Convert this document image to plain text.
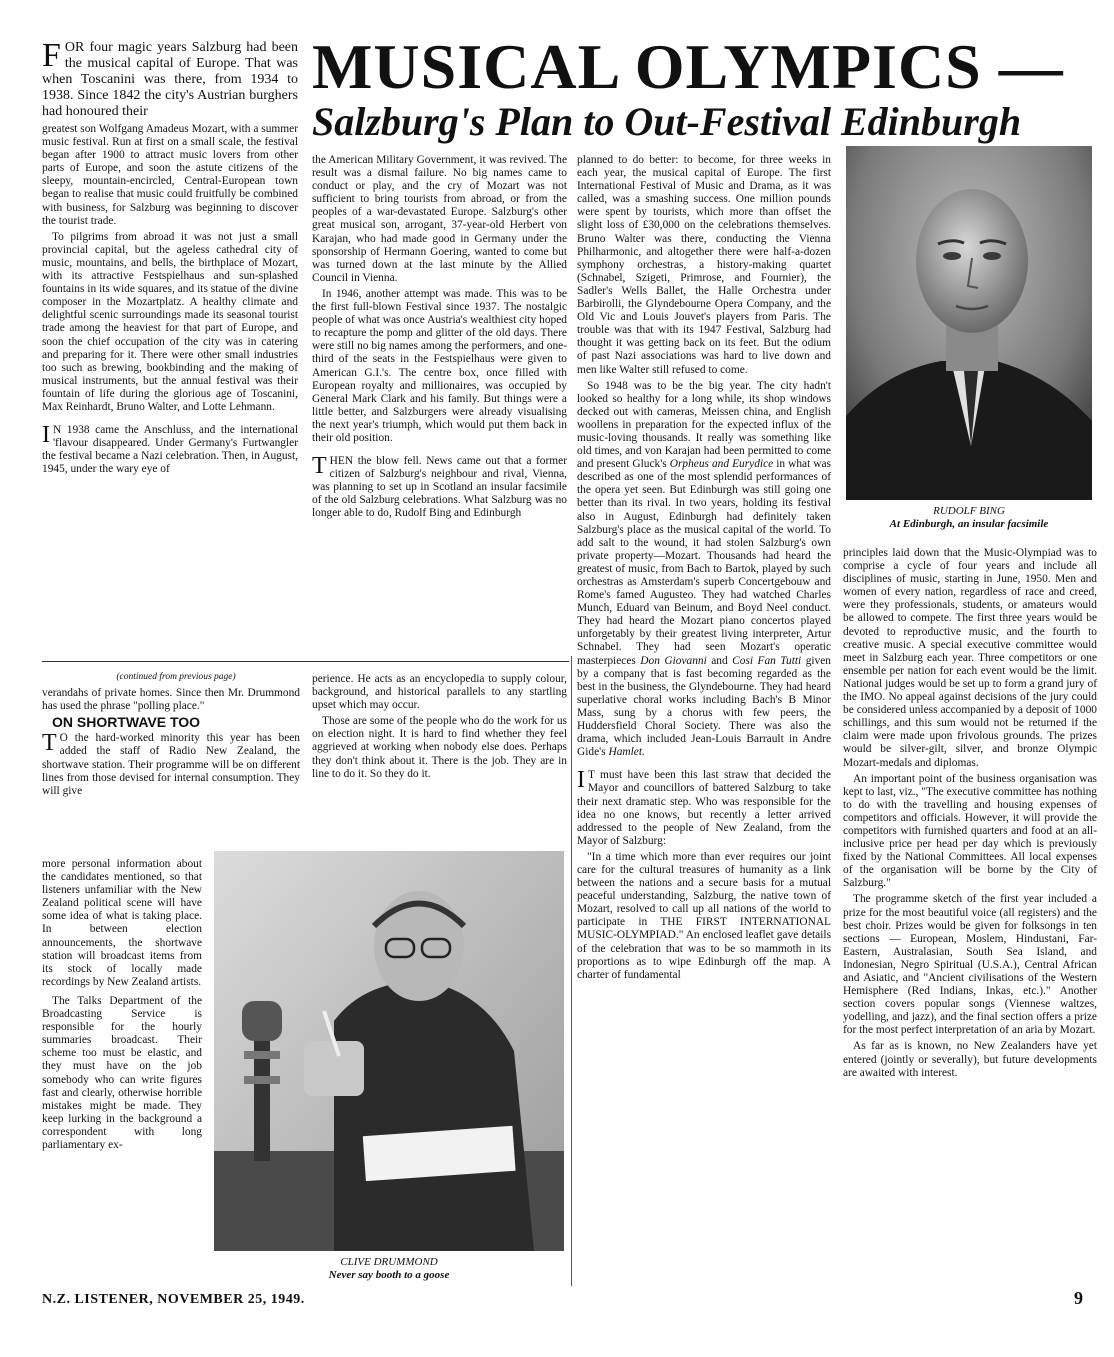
MUSICAL OLYMPICS —
Salzburg's Plan to Out-Festival Edinburgh

FOR four magic years Salzburg had been the musical capital of Europe. That was when Toscanini was there, from 1934 to 1938. Since 1842 the city's Austrian burghers had honoured their

greatest son Wolfgang Amadeus Mozart, with a summer music festival. Run at first on a small scale, the festival began after 1900 to attract music lovers from other parts of Europe, and soon the astute citizens of the sleepy, mountain-encircled, Central-European town began to realise that music could fruitfully be combined with business, for Salzburg was beginning to discover the tourist trade.

To pilgrims from abroad it was not just a small provincial capital, but the ageless cathedral city of music, mountains, and bells, the birthplace of Mozart, with its attractive Festspielhaus and sun-splashed fountains in its wide squares, and its statue of the divine composer in the Mozartplatz. A healthy climate and delightful scenic surroundings made its seasonal tourist trade among the heaviest for that part of Europe, and soon the chief occupation of the city was in catering and preparing for it. There were other small industries too such as brewing, bookbinding and the making of musical instruments, but the annual festival was their fountain of life during the glorious age of Toscanini, Max Reinhardt, Bruno Walter, and Lotte Lehmann.

I N 1938 came the Anschluss, and the international 'flavour disappeared. Under Germany's Furtwangler the festival became a Nazi celebration. Then, in August, 1945, under the wary eye of

the American Military Government, it was revived. The result was a dismal failure. No big names came to conduct or play, and the cry of Mozart was not sufficient to bring tourists from abroad, or from the peoples of a war-devastated Europe. Salzburg's other great musical son, arrogant, 37-year-old Herbert von Karajan, who had made good in Germany under the sponsorship of Hermann Goering, wanted to come but was turned down at the last minute by the Allied Council in Vienna.

In 1946, another attempt was made. This was to be the first full-blown Festival since 1937. The nostalgic people of what was once Austria's wealthiest city hoped to recapture the pomp and glitter of the old days. There were still no big names among the performers, and one-third of the seats in the Festspielhaus were given to American G.I.'s. The centre box, once filled with European royalty and millionaires, was occupied by General Mark Clark and his family. But things were a little better, and Salzburgers were already visualising the next year's triumph, which would put them back in their old position.

THEN the blow fell. News came out that a former citizen of Salzburg's neighbour and rival, Vienna, was planning to set up in Scotland an insular facsimile of the old Salzburg celebrations. What Salzburg was no longer able to do, Rudolf Bing and Edinburgh

planned to do better: to become, for three weeks in each year, the musical capital of Europe. The first International Festival of Music and Drama, as it was called, was a smashing success. One million pounds were spent by tourists, which more than offset the slight loss of £30,000 on the celebrations themselves. Bruno Walter was there, conducting the Vienna Philharmonic, and altogether there were half-a-dozen symphony orchestras, a history-making quartet (Schnabel, Szigeti, Primrose, and Fournier), the Sadler's Wells Ballet, the Halle Orchestra under Barbirolli, the Glyndebourne Opera Company, and the Old Vic and Louis Jouvet's players from Paris. The trouble was that with its 1947 Festival, Salzburg had thought it was getting back on its feet. But the odium of past Nazi associations was hard to live down and men like Walter still refused to come.

So 1948 was to be the big year. The city hadn't looked so healthy for a long while, its shop windows decked out with cameras, Meissen china, and English woollens in preparation for the expected influx of the music-loving thousands. It really was something like old times, and von Karajan had been permitted to come and present Gluck's Orpheus and Eurydice in what was described as one of the most splendid performances of the opera yet seen. But Edinburgh was still going one better than its rival. In two years, holding its festival also in August, Edinburgh had definitely taken Salzburg's place as the musical capital of the world. To add salt to the wound, it had stolen Salzburg's own private property—Mozart. Thousands had heard the greatest of music, from Bach to Bartok, played by such orchestras as Amsterdam's superb Concertgebouw and Rome's famed Augusteo. They had watched Charles Munch, Eduard van Beinum, and Boyd Neel conduct. They had heard the Mozart piano concertos played unforgetably by their greatest living interpreter, Artur Schnabel. They had seen Mozart's operatic masterpieces Don Giovanni and Cosi Fan Tutti given by a company that is fast becoming regarded as the best in the business, the Glyndebourne. They had heard superlative choral works including Bach's B Minor Mass, sung by a chorus with few peers, the Huddersfield Choral Society. There was also the drama, which included Jean-Louis Barrault in Andre Gide's Hamlet.

I T must have been this last straw that decided the Mayor and councillors of battered Salzburg to take their next dramatic step. Who was responsible for the idea no one knows, but recently a letter arrived addressed to the people of New Zealand, from the Mayor of Salzburg:

"In a time which more than ever requires our joint care for the cultural treasures of humanity as a link between the nations and a secure basis for a mutual peaceful understanding, Salzburg, the native town of Mozart, resolved to call up all nations of the world to participate in THE FIRST INTERNATIONAL MUSIC-OLYMPIAD." An enclosed leaflet gave details of the celebration that was to be so mammoth in its proportions as to wipe Edinburgh off the map. A charter of fundamental

RUDOLF BING
At Edinburgh, an insular facsimile

principles laid down that the Music-Olympiad was to comprise a cycle of four years and include all disciplines of music, starting in June, 1950. Men and women of every nation, regardless of race and creed, were they professionals, students, or amateurs would be allowed to compete. The first three years would be devoted to reproductive music, and the fourth to creative music. A special executive committee would meet in Salzburg each year. Three competitors or one ensemble per nation for each event would be the limit. National judges would be set up to form a grand jury of the IMO. No appeal against decisions of the jury could be considered unless accompanied by a deposit of 1000 schillings, and this sum would not be returned if the claim were made upon frivolous grounds. The prizes would be silver-gilt, silver, and bronze Olympic Mozart-medals and diplomas.

An important point of the business organisation was kept to last, viz., "The executive committee has nothing to do with the travelling and housing expenses of competitors and officials. However, it will provide the competitors with furnished quarters and food at an all-inclusive price per head per day which is previously fixed by the National Committees. All local expenses of the organisation will be borne by the City of Salzburg."

The programme sketch of the first year included a prize for the most beautiful voice (all registers) and the best choir. Prizes would be given for folksongs in ten sections — European, Moslem, Hindustani, Far-Eastern, Australasian, South Sea Island, and Indonesian, Negro Spiritual (U.S.A.), Central African and Asiatic, and "Ancient civilisations of the Western Hemisphere (Red Indians, Inkas, etc.)." Another section covers popular songs (Viennese waltzes, yodelling, and jazz), and the final section offers a prize for the most perfect interpretation of an aria by Mozart.

As far as is known, no New Zealanders have yet entered (jointly or severally), but future developments are awaited with interest.

(continued from previous page)

verandahs of private homes. Since then Mr. Drummond has used the phrase "polling place."

ON SHORTWAVE TOO

T O the hard-worked minority this year has been added the staff of Radio New Zealand, the shortwave station. Their programme will be on different lines from those devised for internal consumption. They will give

more personal information about the candidates mentioned, so that listeners unfamiliar with the New Zealand political scene will have some idea of what is taking place. In between election announcements, the shortwave station will broadcast items from its stock of locally made recordings by New Zealand artists.

The Talks Department of the Broadcasting Service is responsible for the hourly summaries broadcast. Their scheme too must be elastic, and they must have on the job somebody who can write figures fast and clearly, otherwise horrible mistakes might be made. They keep lurking in the background a correspondent with long parliamentary ex-

perience. He acts as an encyclopedia to supply colour, background, and historical parallels to any startling upset which may occur.

Those are some of the people who do the work for us on election night. It is hard to find whether they feel aggrieved at working when nobody else does. Perhaps they don't think about it. There is the job. They are in line to do it. So they do it.

CLIVE DRUMMOND
Never say booth to a goose
N.Z. LISTENER, NOVEMBER 25, 1949.	9
